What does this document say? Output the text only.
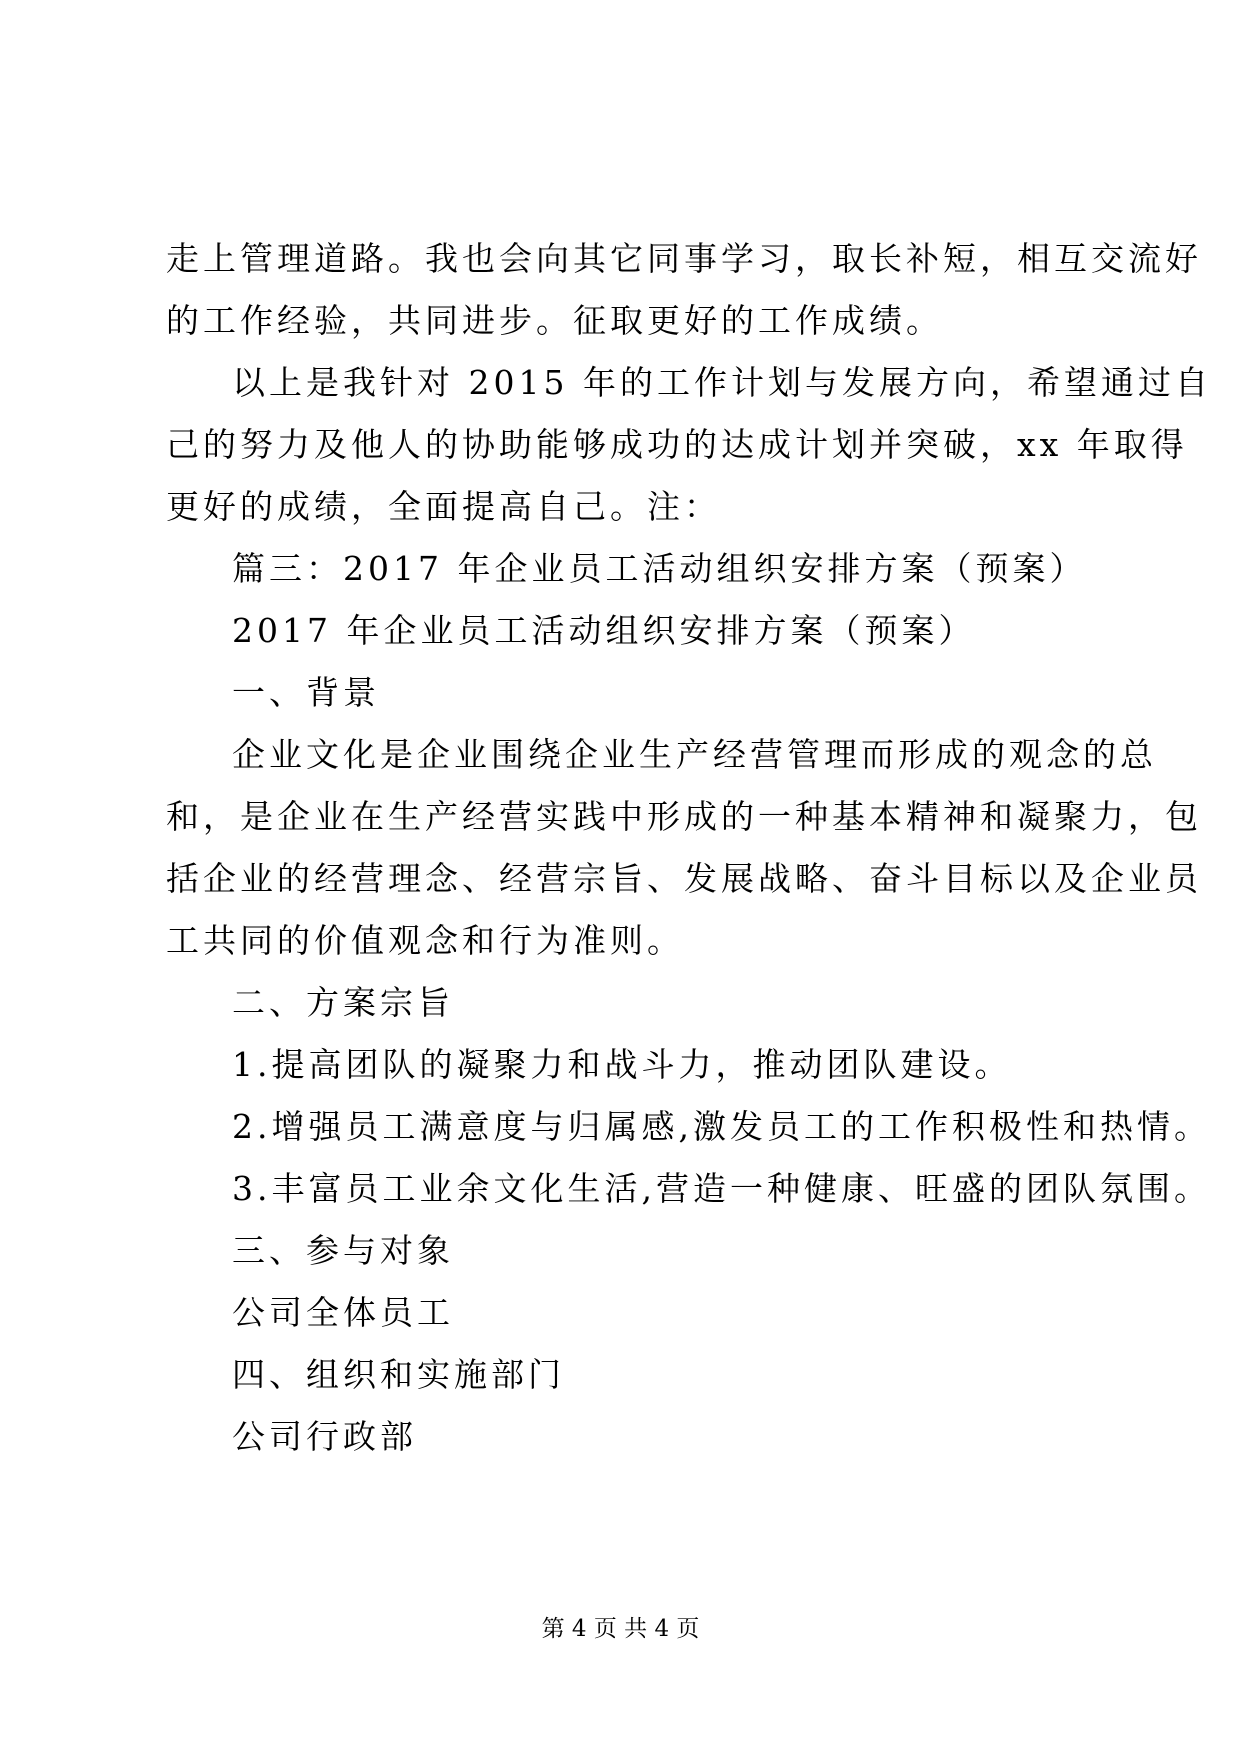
走上管理道路。我也会向其它同事学习，取长补短，相互交流好
的工作经验，共同进步。征取更好的工作成绩。
以上是我针对 2015 年的工作计划与发展方向，希望通过自
己的努力及他人的协助能够成功的达成计划并突破，xx 年取得
更好的成绩，全面提高自己。注：
篇三：2017 年企业员工活动组织安排方案（预案）
2017 年企业员工活动组织安排方案（预案）
一、背景
企业文化是企业围绕企业生产经营管理而形成的观念的总
和，是企业在生产经营实践中形成的一种基本精神和凝聚力，包
括企业的经营理念、经营宗旨、发展战略、奋斗目标以及企业员
工共同的价值观念和行为准则。
二、方案宗旨
1.提高团队的凝聚力和战斗力，推动团队建设。
2.增强员工满意度与归属感,激发员工的工作积极性和热情。
3.丰富员工业余文化生活,营造一种健康、旺盛的团队氛围。
三、参与对象
公司全体员工
四、组织和实施部门
公司行政部
第 4 页 共 4 页
